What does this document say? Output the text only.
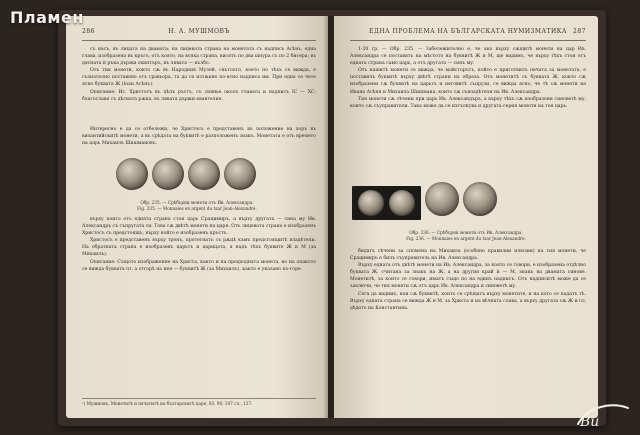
286	Н. А. МУШМОВЪ

съ насъ, въ лицата на двамата; на лицевата страна на монетата съ надпись Асѣнь, една глава, изобразена въ кръгъ, отъ която, на всяка страна, висятъ по два шнура съ по 2 бисера; въ дясната ѝ ръка държи скиптъръ, въ лявата — кълбо.

Отъ тия монети, които сѫ въ Народния Музей, свътлото, което по тѣхъ се вижда, е съзнателно поставено отъ гравьора, та да се изтѫкне по-ясно надписа им. При една се чете ясно буквата Ж (Ioан Асѣнъ).

Описание: Ис. Христосъ въ цѣлъ ръстъ, съ сиянье около главата и надписъ IC — XC; благославя съ дѣсната рѫка, въ лявата държи евангелие.

Интересно е да се отбележи, че Христосъ е представенъ въ положение на хоръ въ византийскитѣ монети, а въ срѣдата на буквитѣ е разположенъ знакъ. Монетата е отъ времето на царь Михаилъ Шишмановъ.

Обр. 235. — Срѣбърни монети отъ Ив. Александра.
Fig. 235. — Monnaies en argent du tsar Jean-Alexandre.

върху които отъ едната страна стои царь Срацимиръ, а върху другата — сина му Ив. Александръ съ съпругата си. Това сѫ двѣтѣ монети на царя. Отъ лицевата страна е изобразенъ Христосъ съ предстоящъ, върху който е изобразенъ кръстъ.

Христосъ е представенъ върху тронъ, протегнатъ съ рѫцѣ къмъ предстоящитѣ владѣтели. На обратната страна е изобразенъ царьтъ и царицата, а надъ тѣхъ буквите Ж и М (за Михаилъ).

Описание: Същото изображение на Христа, както и на предходната монета, но на опакото се вижда буквата Ѡ, а отгорѣ на нея — буквитѣ Ж (за Михаилъ), както е указано по-горе.

¹) Мушмовъ, Монетитѣ и печатитѣ на българскитѣ царе, 83, 90, 107 сл., 137.
ЕДНА ПРОБЛЕМА НА БЪЛГАРСКАТА НУМИЗМАТИКА	287

1-20 гр. — Обр. 235. — Забележително е, че ако върху сѫщитѣ монети на цар Ив. Александра се поставятъ на мѣстото на буквитѣ Ж и М, ще видимъ, че върху тѣхъ стои отъ едната страна само царь, а отъ другата — синъ му.

Отъ нашитѣ монети се вижда, че майсторътъ, който е приготвилъ печата за монетата, е поставилъ буквитѣ върху двѣтѣ страни на образа. Отъ монетитѣ съ буквата Ж, които сѫ изобразени сѫ буквитѣ на царьтъ и неговитѣ съпрузи, се вижда ясно, че тѣ сѫ монети на Ивана Асѣня и Михаила Шишмана, които сѫ съвладѣтели на Ив. Александра.

Тия монети сѫ сѣчени при царь Ив. Александъръ, а върху тѣхъ сѫ изобразени синоветѣ му, които сѫ съуправители. Така може да се изтълкува и другата серия монети на тоя царь.

Обр. 236. — Срѣбърни монети отъ Ив. Александра.
Fig. 236. — Monnaies en argent du tsar Jean-Alexandre.

бидатъ сѣчени за спомена на Михаила (особено правилни илюзии) на тия монети, че Срацимиръ е билъ съуправитель на Ив. Александра.

Върху едната отъ двѣтѣ монети на Ив. Александра, за която се говори, е изобразена отдѣлно буквата Ж, считана за знакъ на Ж, а на другия край ѝ — М, знакъ на двамата синове. Монетитѣ, за които се говори, иматъ също по на единъ надписъ. Отъ надписитѣ може да се заключи, че тия монети сѫ отъ царь Ив. Александра и синоветѣ му.

Сега да видимъ, кои сѫ буквитѣ, които се срѣщатъ върху монетите, и на кого се падатъ тѣ. Върху едната страна се вижда Ж и М, за Христа и на вѣчната слава, а върху другата сѫ Ж и Ѡ, дѣдото на Константина.

Пламен
Ви
